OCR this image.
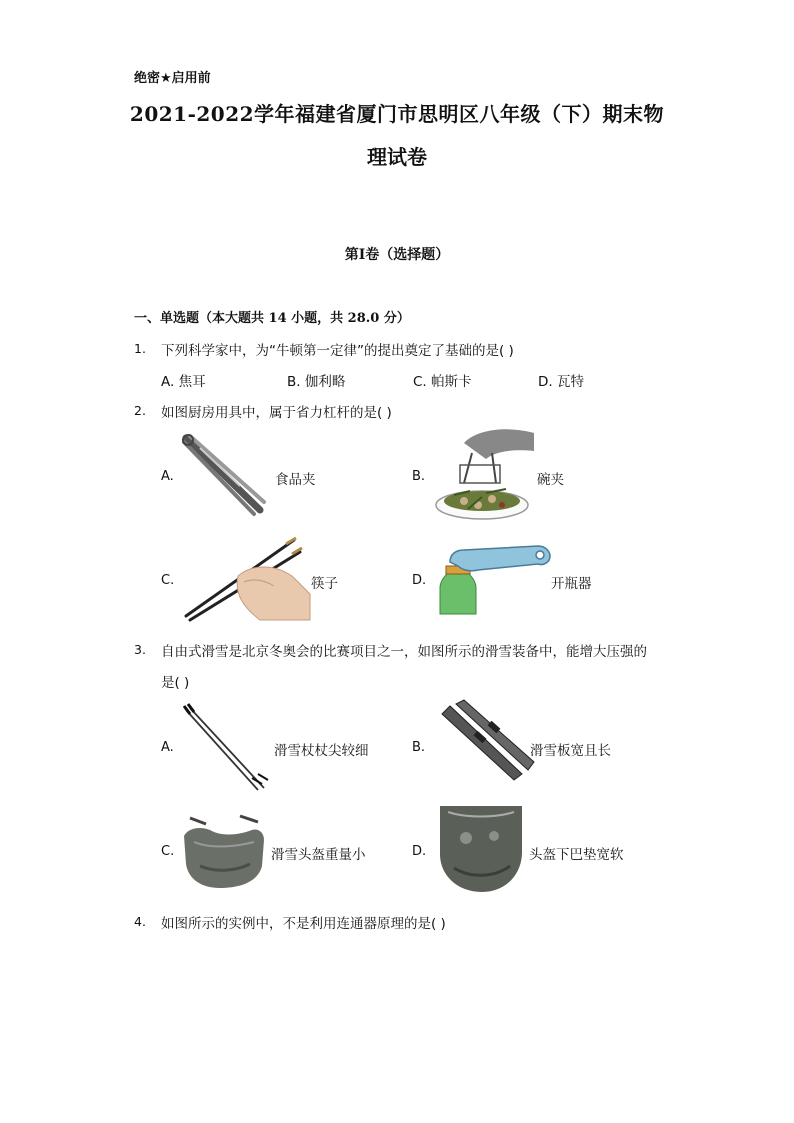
绝密★启用前
2021-2022学年福建省厦门市思明区八年级（下）期末物
理试卷
第I卷（选择题）
一、单选题（本大题共 14 小题，共 28.0 分）
1. 下列科学家中，为“牛顿第一定律”的提出奠定了基础的是( )
A. 焦耳	B. 伽利略	C. 帕斯卡	D. 瓦特
2. 如图厨房用具中，属于省力杠杆的是( )
A.	食品夹	B.	碗夹
C.	筷子	D.	开瓶器
3. 自由式滑雪是北京冬奥会的比赛项目之一，如图所示的滑雪装备中，能增大压强的
是( )
A.	滑雪杖杖尖较细	B.	滑雪板宽且长
C.	滑雪头盔重量小	D.	头盔下巴垫宽软
4. 如图所示的实例中，不是利用连通器原理的是( )
